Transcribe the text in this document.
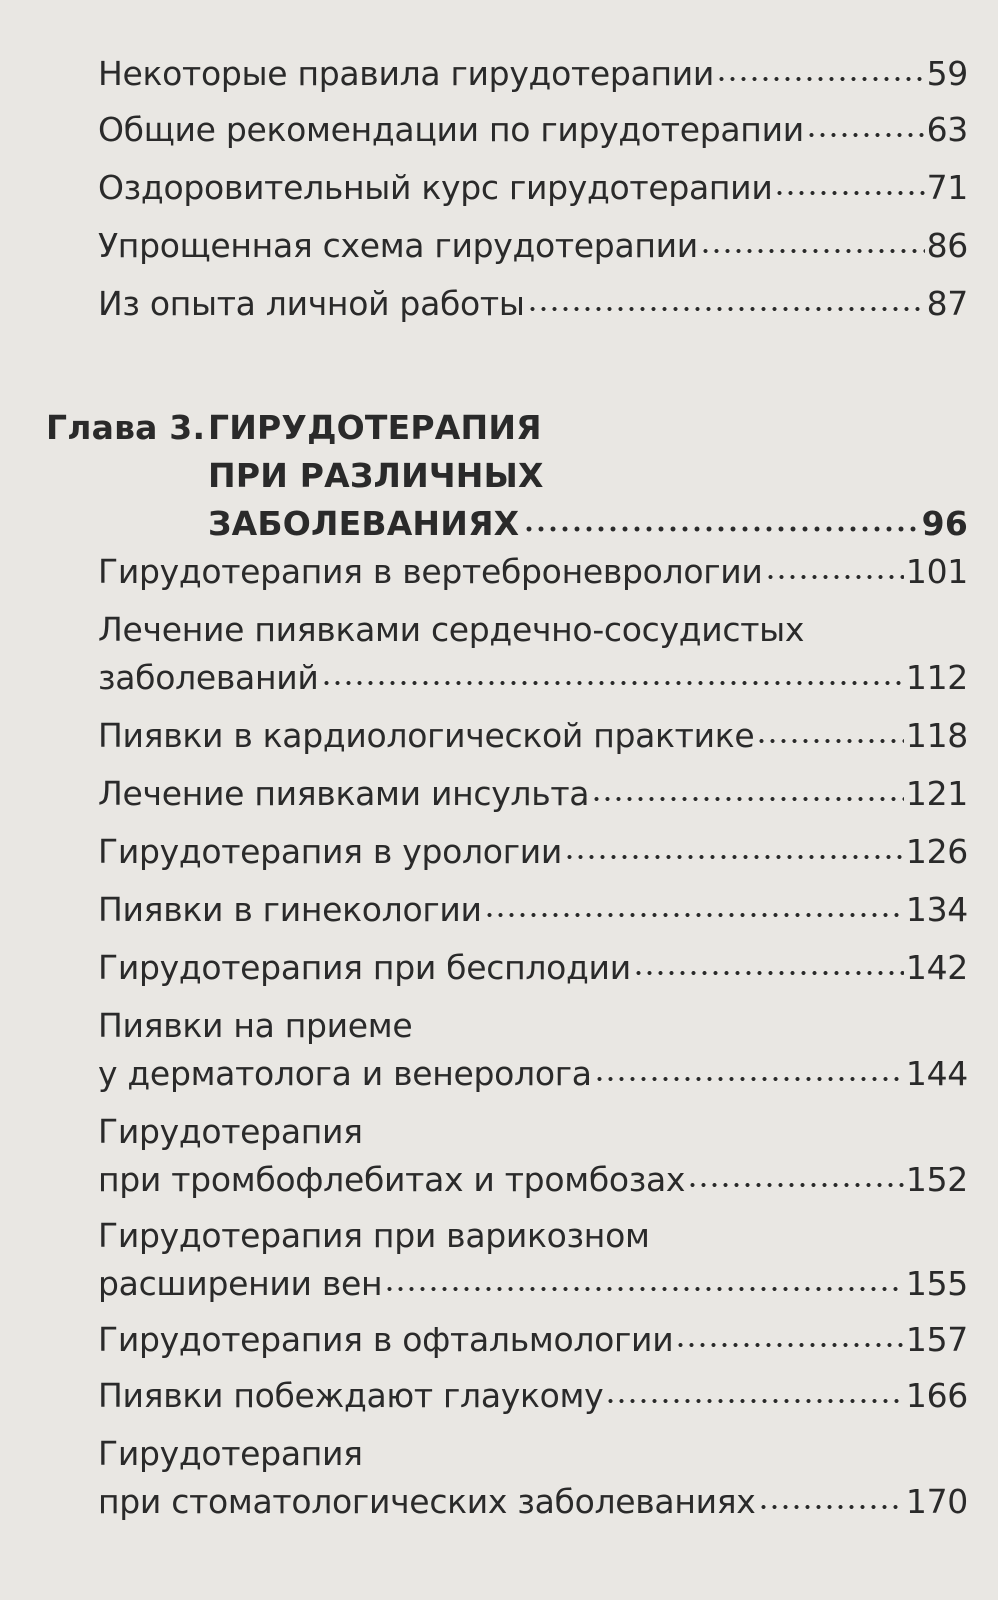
Некоторые правила гирудотерапии	59
Общие рекомендации по гирудотерапии	63
Оздоровительный курс гирудотерапии	71
Упрощенная схема гирудотерапии	86
Из опыта личной работы	87
Глава 3. ГИРУДОТЕРАПИЯ
ПРИ РАЗЛИЧНЫХ
ЗАБОЛЕВАНИЯХ	96
Гирудотерапия в вертеброневрологии	101
Лечение пиявками сердечно-сосудистых
заболеваний	112
Пиявки в кардиологической практике	118
Лечение пиявками инсульта	121
Гирудотерапия в урологии	126
Пиявки в гинекологии	134
Гирудотерапия при бесплодии	142
Пиявки на приеме
у дерматолога и венеролога	144
Гирудотерапия
при тромбофлебитах и тромбозах	152
Гирудотерапия при варикозном
расширении вен	155
Гирудотерапия в офтальмологии	157
Пиявки побеждают глаукому	166
Гирудотерапия
при стоматологических заболеваниях	170
